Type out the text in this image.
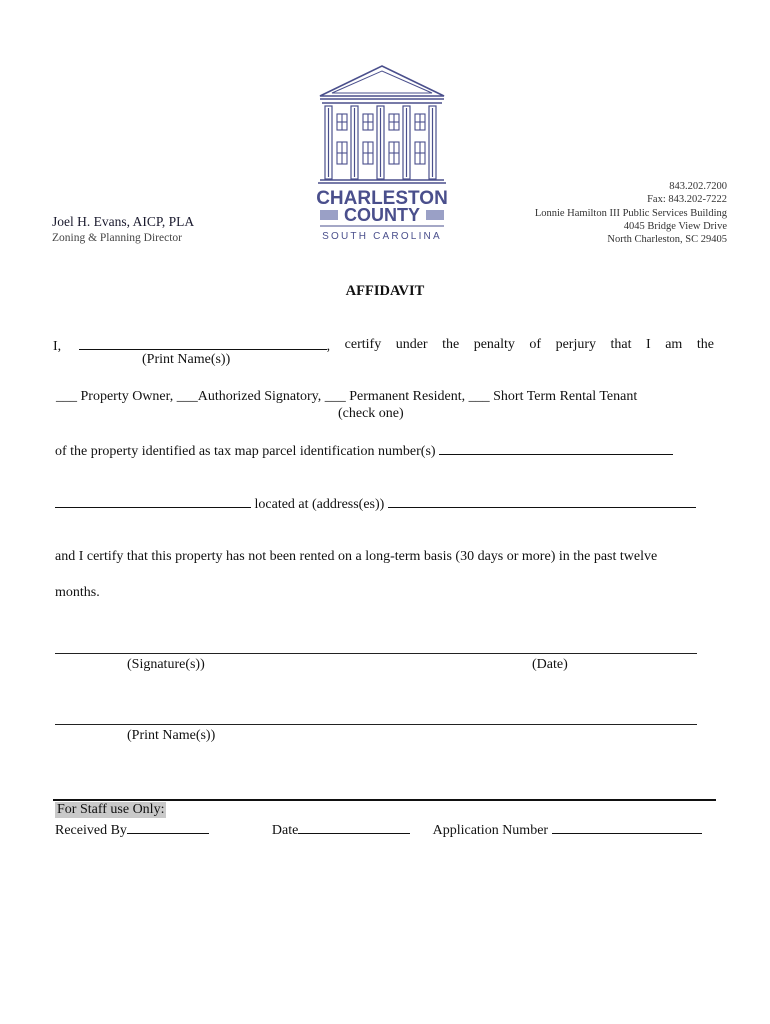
Joel H. Evans, AICP, PLA
Zoning & Planning Director
CHARLESTON
COUNTY
SOUTH CAROLINA
843.202.7200
Fax: 843.202-7222
Lonnie Hamilton III Public Services Building
4045 Bridge View Drive
North Charleston, SC 29405
AFFIDAVIT
I,	, certify under the penalty of perjury that I am the
(Print Name(s))
___ Property Owner, ___Authorized Signatory, ___ Permanent Resident, ___ Short Term Rental Tenant
(check one)
of the property identified as tax map parcel identification number(s)
located at (address(es))
and I certify that this property has not been rented on a long-term basis (30 days or more) in the past twelve
months.
(Signature(s))	(Date)
(Print Name(s))
For Staff use Only:
Received By	Date	Application Number
